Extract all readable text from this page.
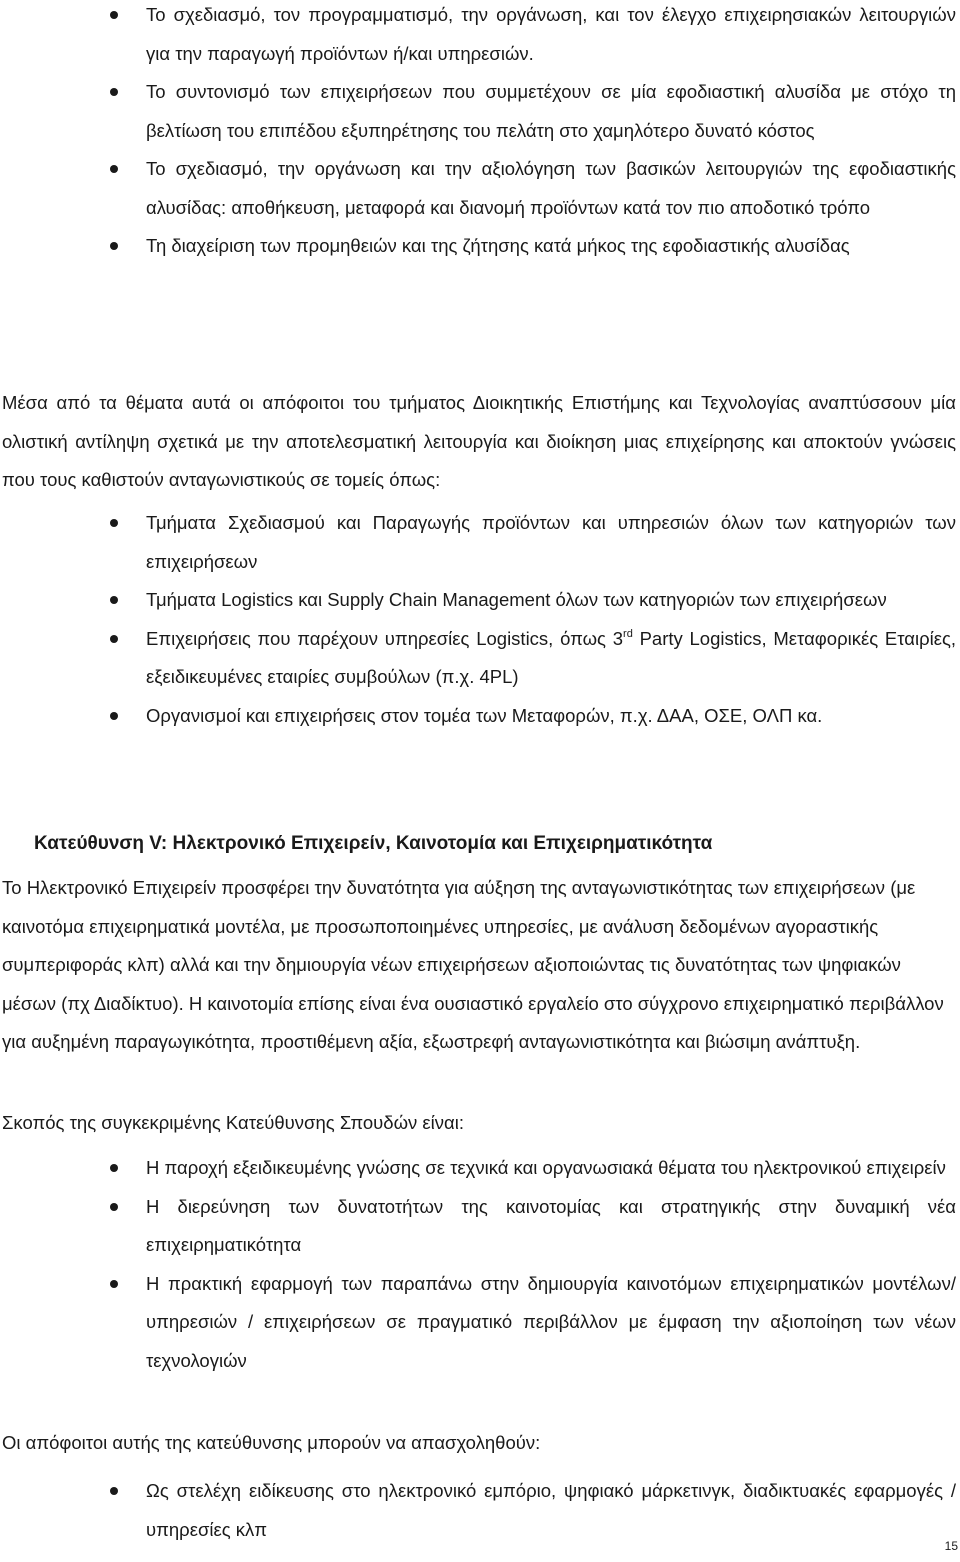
Το σχεδιασμό, τον προγραμματισμό, την οργάνωση, και τον έλεγχο επιχειρησιακών λειτουργιών για την παραγωγή προϊόντων ή/και υπηρεσιών.
Το συντονισμό των επιχειρήσεων που συμμετέχουν σε μία εφοδιαστική αλυσίδα με στόχο τη βελτίωση του επιπέδου εξυπηρέτησης του πελάτη στο χαμηλότερο δυνατό κόστος
Το σχεδιασμό, την οργάνωση και την αξιολόγηση των βασικών λειτουργιών της εφοδιαστικής αλυσίδας: αποθήκευση, μεταφορά και διανομή προϊόντων κατά τον πιο αποδοτικό τρόπο
Τη διαχείριση των προμηθειών και της ζήτησης κατά μήκος της εφοδιαστικής αλυσίδας

Μέσα από τα θέματα αυτά οι απόφοιτοι του τμήματος Διοικητικής Επιστήμης και Τεχνολογίας αναπτύσσουν μία ολιστική αντίληψη σχετικά με την αποτελεσματική λειτουργία και διοίκηση μιας επιχείρησης και αποκτούν γνώσεις που τους καθιστούν ανταγωνιστικούς σε τομείς όπως:

Τμήματα Σχεδιασμού και Παραγωγής προϊόντων και υπηρεσιών όλων των κατηγοριών των επιχειρήσεων
Τμήματα Logistics και Supply Chain Management όλων των κατηγοριών των επιχειρήσεων
Επιχειρήσεις που παρέχουν υπηρεσίες Logistics, όπως 3rd Party Logistics, Μεταφορικές Εταιρίες, εξειδικευμένες εταιρίες συμβούλων (π.χ. 4PL)
Οργανισμοί και επιχειρήσεις στον τομέα των Μεταφορών, π.χ. ΔΑΑ, ΟΣΕ, ΟΛΠ κα.
Κατεύθυνση V: Ηλεκτρονικό Επιχειρείν, Καινοτομία και Επιχειρηματικότητα

Το Ηλεκτρονικό Επιχειρείν προσφέρει την δυνατότητα για αύξηση της ανταγωνιστικότητας των επιχειρήσεων (με καινοτόμα επιχειρηματικά μοντέλα, με προσωποποιημένες υπηρεσίες, με ανάλυση δεδομένων αγοραστικής συμπεριφοράς κλπ) αλλά και την δημιουργία νέων επιχειρήσεων αξιοποιώντας τις δυνατότητας των ψηφιακών μέσων (πχ Διαδίκτυο). Η καινοτομία επίσης είναι ένα ουσιαστικό εργαλείο στο σύγχρονο επιχειρηματικό περιβάλλον για αυξημένη παραγωγικότητα, προστιθέμενη αξία, εξωστρεφή ανταγωνιστικότητα και βιώσιμη ανάπτυξη.

Σκοπός της συγκεκριμένης Κατεύθυνσης Σπουδών είναι:

Η παροχή εξειδικευμένης γνώσης σε τεχνικά και οργανωσιακά θέματα του ηλεκτρονικού επιχειρείν
Η διερεύνηση των δυνατοτήτων της καινοτομίας και στρατηγικής στην δυναμική νέα επιχειρηματικότητα
Η πρακτική εφαρμογή των παραπάνω στην δημιουργία καινοτόμων επιχειρηματικών μοντέλων/ υπηρεσιών / επιχειρήσεων σε πραγματικό περιβάλλον με έμφαση την αξιοποίηση των νέων τεχνολογιών

Οι απόφοιτοι αυτής της κατεύθυνσης μπορούν να απασχοληθούν:

Ως στελέχη ειδίκευσης στο ηλεκτρονικό εμπόριο, ψηφιακό μάρκετινγκ, διαδικτυακές εφαρμογές / υπηρεσίες κλπ
15
